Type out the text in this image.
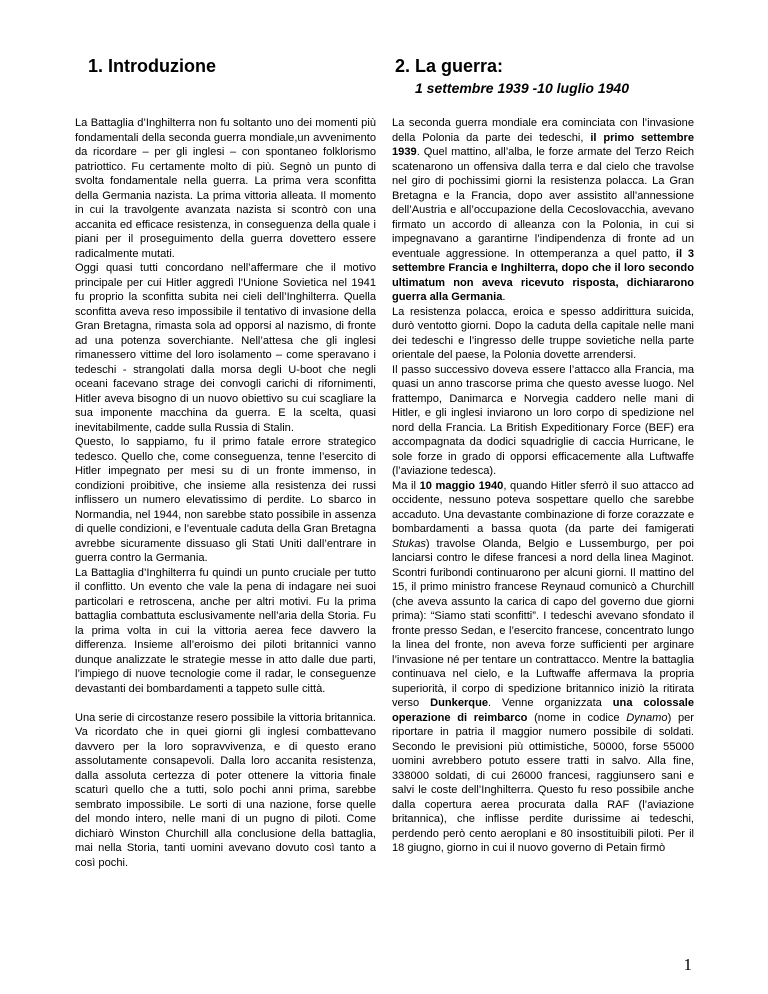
1. Introduzione	2. La guerra:
1 settembre 1939 -10 luglio 1940

La Battaglia d’Inghilterra non fu soltanto uno dei momenti più fondamentali della seconda guerra mondiale,un avvenimento da ricordare – per gli inglesi – con spontaneo folklorismo patriottico. Fu certamente molto di più. Segnò un punto di svolta fondamentale nella guerra. La prima vera sconfitta della Germania nazista. La prima vittoria alleata. Il momento in cui la travolgente avanzata nazista si scontrò con una accanita ed efficace resistenza, in conseguenza della quale i piani per il proseguimento della guerra dovettero essere radicalmente mutati.

Oggi quasi tutti concordano nell’affermare che il motivo principale per cui Hitler aggredì l’Unione Sovietica nel 1941 fu proprio la sconfitta subita nei cieli dell’Inghilterra. Quella sconfitta aveva reso impossibile il tentativo di invasione della Gran Bretagna, rimasta sola ad opporsi al nazismo, di fronte ad una potenza soverchiante. Nell’attesa che gli inglesi rimanessero vittime del loro isolamento – come speravano i tedeschi - strangolati dalla morsa degli U-boot che negli oceani facevano strage dei convogli carichi di rifornimenti, Hitler aveva bisogno di un nuovo obiettivo su cui scagliare la sua imponente macchina da guerra. E la scelta, quasi inevitabilmente, cadde sulla Russia di Stalin.

Questo, lo sappiamo, fu il primo fatale errore strategico tedesco. Quello che, come conseguenza, tenne l’esercito di Hitler impegnato per mesi su di un fronte immenso, in condizioni proibitive, che insieme alla resistenza dei russi inflissero un numero elevatissimo di perdite. Lo sbarco in Normandia, nel 1944, non sarebbe stato possibile in assenza di quelle condizioni, e l’eventuale caduta della Gran Bretagna avrebbe sicuramente dissuaso gli Stati Uniti dall’entrare in guerra contro la Germania.

La Battaglia d’Inghilterra fu quindi un punto cruciale per tutto il conflitto. Un evento che vale la pena di indagare nei suoi particolari e retroscena, anche per altri motivi. Fu la prima battaglia combattuta esclusivamente nell’aria della Storia. Fu la prima volta in cui la vittoria aerea fece davvero la differenza. Insieme all’eroismo dei piloti britannici vanno dunque analizzate le strategie messe in atto dalle due parti, l’impiego di nuove tecnologie come il radar, le conseguenze devastanti dei bombardamenti a tappeto sulle città.

Una serie di circostanze resero possibile la vittoria britannica. Va ricordato che in quei giorni gli inglesi combattevano davvero per la loro sopravvivenza, e di questo erano assolutamente consapevoli. Dalla loro accanita resistenza, dalla assoluta certezza di poter ottenere la vittoria finale scaturì quello che a tutti, solo pochi anni prima, sarebbe sembrato impossibile. Le sorti di una nazione, forse quelle del mondo intero, nelle mani di un pugno di piloti. Come dichiarò Winston Churchill alla conclusione della battaglia, mai nella Storia, tanti uomini avevano dovuto così tanto a così pochi.

La seconda guerra mondiale era cominciata con l’invasione della Polonia da parte dei tedeschi, il primo settembre 1939. Quel mattino, all’alba, le forze armate del Terzo Reich scatenarono un offensiva dalla terra e dal cielo che travolse nel giro di pochissimi giorni la resistenza polacca. La Gran Bretagna e la Francia, dopo aver assistito all’annessione dell’Austria e all’occupazione della Cecoslovacchia, avevano firmato un accordo di alleanza con la Polonia, in cui si impegnavano a garantirne l’indipendenza di fronte ad un eventuale aggressione. In ottemperanza a quel patto, il 3 settembre Francia e Inghilterra, dopo che il loro secondo ultimatum non aveva ricevuto risposta, dichiararono guerra alla Germania.

La resistenza polacca, eroica e spesso addirittura suicida, durò ventotto giorni. Dopo la caduta della capitale nelle mani dei tedeschi e l’ingresso delle truppe sovietiche nella parte orientale del paese, la Polonia dovette arrendersi.

Il passo successivo doveva essere l’attacco alla Francia, ma quasi un anno trascorse prima che questo avesse luogo. Nel frattempo, Danimarca e Norvegia caddero nelle mani di Hitler, e gli inglesi inviarono un loro corpo di spedizione nel nord della Francia. La British Expeditionary Force (BEF) era accompagnata da dodici squadriglie di caccia Hurricane, le sole forze in grado di opporsi efficacemente alla Luftwaffe (l’aviazione tedesca).

Ma il 10 maggio 1940, quando Hitler sferrò il suo attacco ad occidente, nessuno poteva sospettare quello che sarebbe accaduto. Una devastante combinazione di forze corazzate e bombardamenti a bassa quota (da parte dei famigerati Stukas) travolse Olanda, Belgio e Lussemburgo, per poi lanciarsi contro le difese francesi a nord della linea Maginot. Scontri furibondi continuarono per alcuni giorni. Il mattino del 15, il primo ministro francese Reynaud comunicò a Churchill (che aveva assunto la carica di capo del governo due giorni prima): “Siamo stati sconfitti”. I tedeschi avevano sfondato il fronte presso Sedan, e l’esercito francese, concentrato lungo la linea del fronte, non aveva forze sufficienti per arginare l’invasione né per tentare un contrattacco. Mentre la battaglia continuava nel cielo, e la Luftwaffe affermava la propria superiorità, il corpo di spedizione britannico iniziò la ritirata verso Dunkerque. Venne organizzata una colossale operazione di reimbarco (nome in codice Dynamo) per riportare in patria il maggior numero possibile di soldati. Secondo le previsioni più ottimistiche, 50000, forse 55000 uomini avrebbero potuto essere tratti in salvo. Alla fine, 338000 soldati, di cui 26000 francesi, raggiunsero sani e salvi le coste dell’Inghilterra. Questo fu reso possibile anche dalla copertura aerea procurata dalla RAF (l’aviazione britannica), che inflisse perdite durissime ai tedeschi, perdendo però cento aeroplani e 80 insostituibili piloti. Per il 18 giugno, giorno in cui il nuovo governo di Petain firmò

1
